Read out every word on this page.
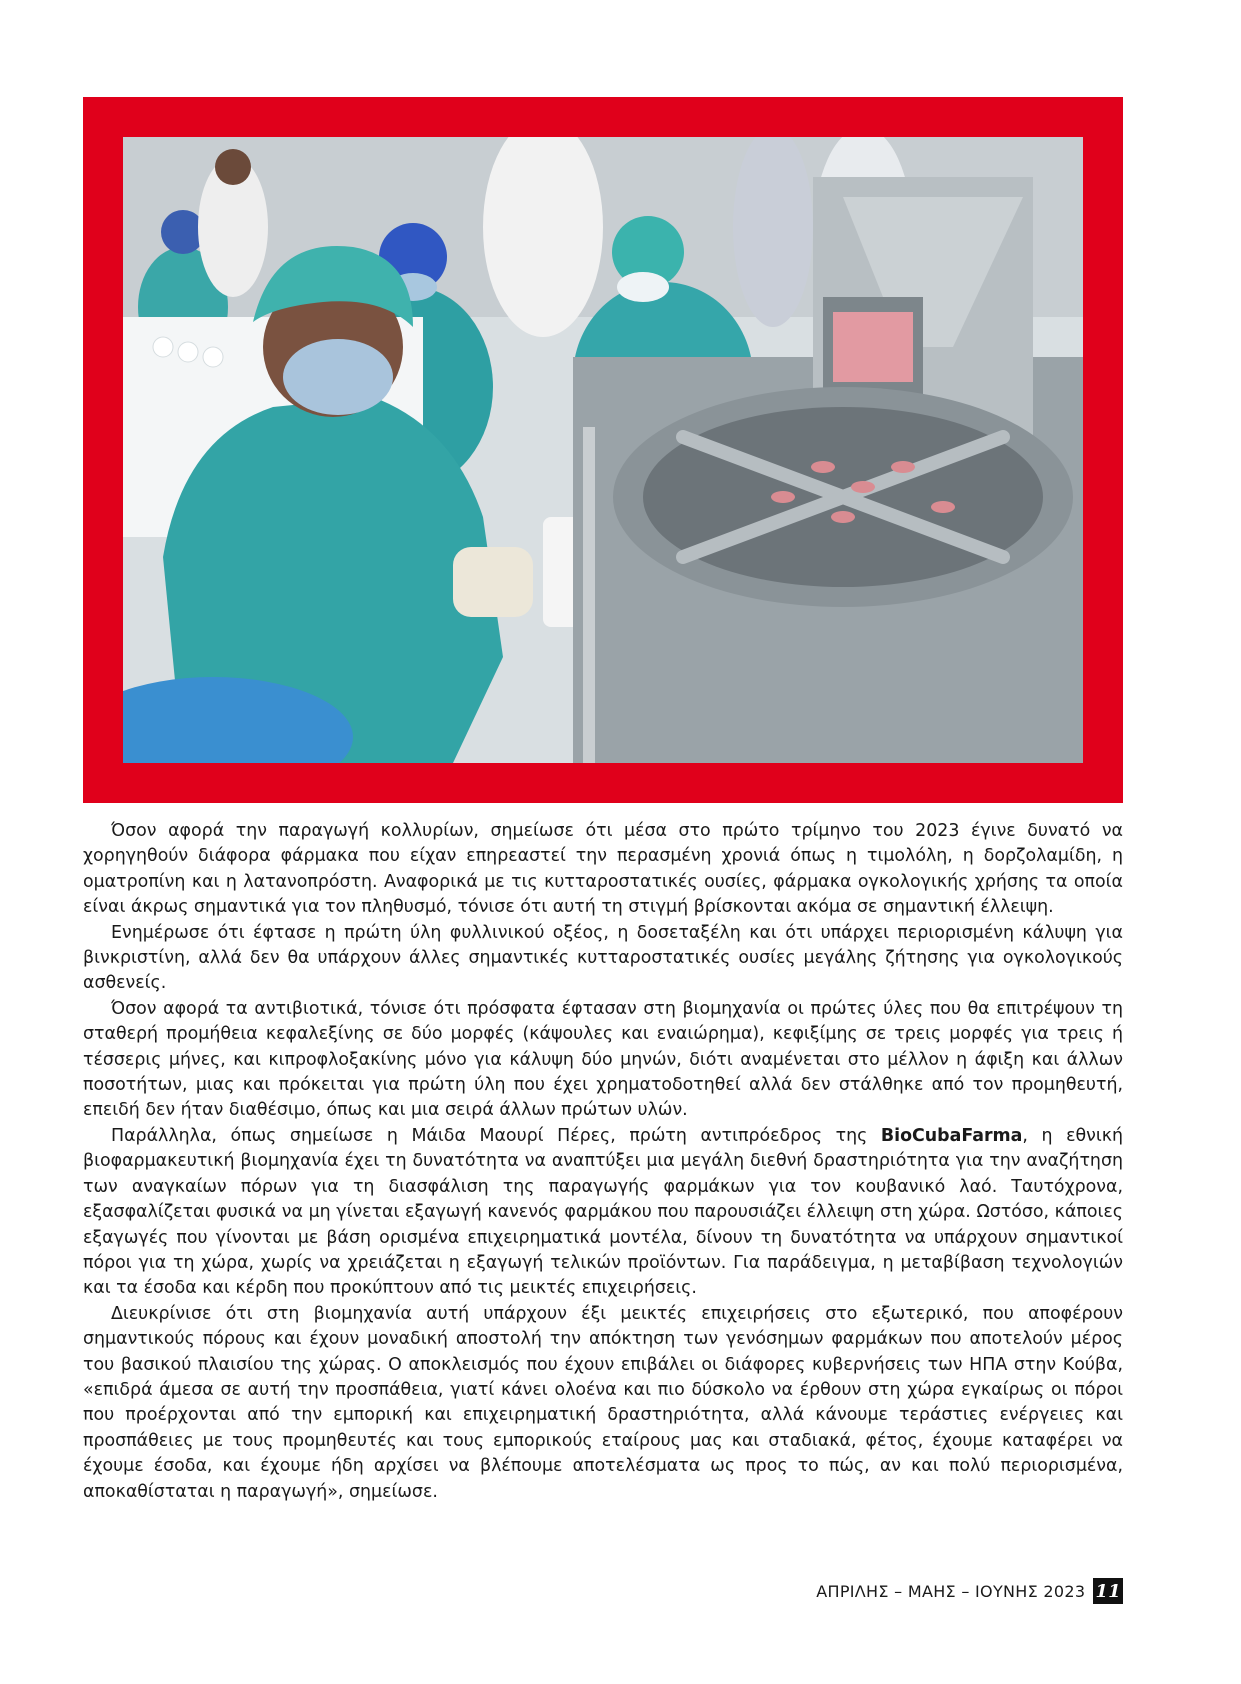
Όσον αφορά την παραγωγή κολλυρίων, σημείωσε ότι μέσα στο πρώτο τρίμηνο του 2023 έγινε δυνατό να χορηγηθούν διάφορα φάρμακα που είχαν επηρεαστεί την περασμένη χρονιά όπως η τιμολόλη, η δορζολαμίδη, η οματροπίνη και η λατανοπρόστη. Αναφορικά με τις κυτταροστατικές ουσίες, φάρμακα ογκολογικής χρήσης τα οποία είναι άκρως σημαντικά για τον πληθυσμό, τόνισε ότι αυτή τη στιγμή βρίσκονται ακόμα σε σημαντική έλλειψη.

Ενημέρωσε ότι έφτασε η πρώτη ύλη φυλλινικού οξέος, η δοσεταξέλη και ότι υπάρχει περιορισμένη κάλυψη για βινκριστίνη, αλλά δεν θα υπάρχουν άλλες σημαντικές κυτταροστατικές ουσίες μεγάλης ζήτησης για ογκολογικούς ασθενείς.

Όσον αφορά τα αντιβιοτικά, τόνισε ότι πρόσφατα έφτασαν στη βιομηχανία οι πρώτες ύλες που θα επιτρέψουν τη σταθερή προμήθεια κεφαλεξίνης σε δύο μορφές (κάψουλες και εναιώρημα), κεφιξίμης σε τρεις μορφές για τρεις ή τέσσερις μήνες, και κιπροφλοξακίνης μόνο για κάλυψη δύο μηνών, διότι αναμένεται στο μέλλον η άφιξη και άλλων ποσοτήτων, μιας και πρόκειται για πρώτη ύλη που έχει χρηματοδοτηθεί αλλά δεν στάλθηκε από τον προμηθευτή, επειδή δεν ήταν διαθέσιμο, όπως και μια σειρά άλλων πρώτων υλών.

Παράλληλα, όπως σημείωσε η Μάιδα Μαουρί Πέρες, πρώτη αντιπρόεδρος της BioCubaFarma, η εθνική βιοφαρμακευτική βιομηχανία έχει τη δυνατότητα να αναπτύξει μια μεγάλη διεθνή δραστηριότητα για την αναζήτηση των αναγκαίων πόρων για τη διασφάλιση της παραγωγής φαρμάκων για τον κουβανικό λαό. Ταυτόχρονα, εξασφαλίζεται φυσικά να μη γίνεται εξαγωγή κανενός φαρμάκου που παρουσιάζει έλλειψη στη χώρα. Ωστόσο, κάποιες εξαγωγές που γίνονται με βάση ορισμένα επιχειρηματικά μοντέλα, δίνουν τη δυνατότητα να υπάρχουν σημαντικοί πόροι για τη χώρα, χωρίς να χρειάζεται η εξαγωγή τελικών προϊόντων. Για παράδειγμα, η μεταβίβαση τεχνολογιών και τα έσοδα και κέρδη που προκύπτουν από τις μεικτές επιχειρήσεις.

Διευκρίνισε ότι στη βιομηχανία αυτή υπάρχουν έξι μεικτές επιχειρήσεις στο εξωτερικό, που αποφέρουν σημαντικούς πόρους και έχουν μοναδική αποστολή την απόκτηση των γενόσημων φαρμάκων που αποτελούν μέρος του βασικού πλαισίου της χώρας. Ο αποκλεισμός που έχουν επιβάλει οι διάφορες κυβερνήσεις των ΗΠΑ στην Κούβα, «επιδρά άμεσα σε αυτή την προσπάθεια, γιατί κάνει ολοένα και πιο δύσκολο να έρθουν στη χώρα εγκαίρως οι πόροι που προέρχονται από την εμπορική και επιχειρηματική δραστηριότητα, αλλά κάνουμε τεράστιες ενέργειες και προσπάθειες με τους προμηθευτές και τους εμπορικούς εταίρους μας και σταδιακά, φέτος, έχουμε καταφέρει να έχουμε έσοδα, και έχουμε ήδη αρχίσει να βλέπουμε αποτελέσματα ως προς το πώς, αν και πολύ περιορισμένα, αποκαθίσταται η παραγωγή», σημείωσε.

ΑΠΡΙΛΗΣ – ΜΑΗΣ – ΙΟΥΝΗΣ 2023 11
